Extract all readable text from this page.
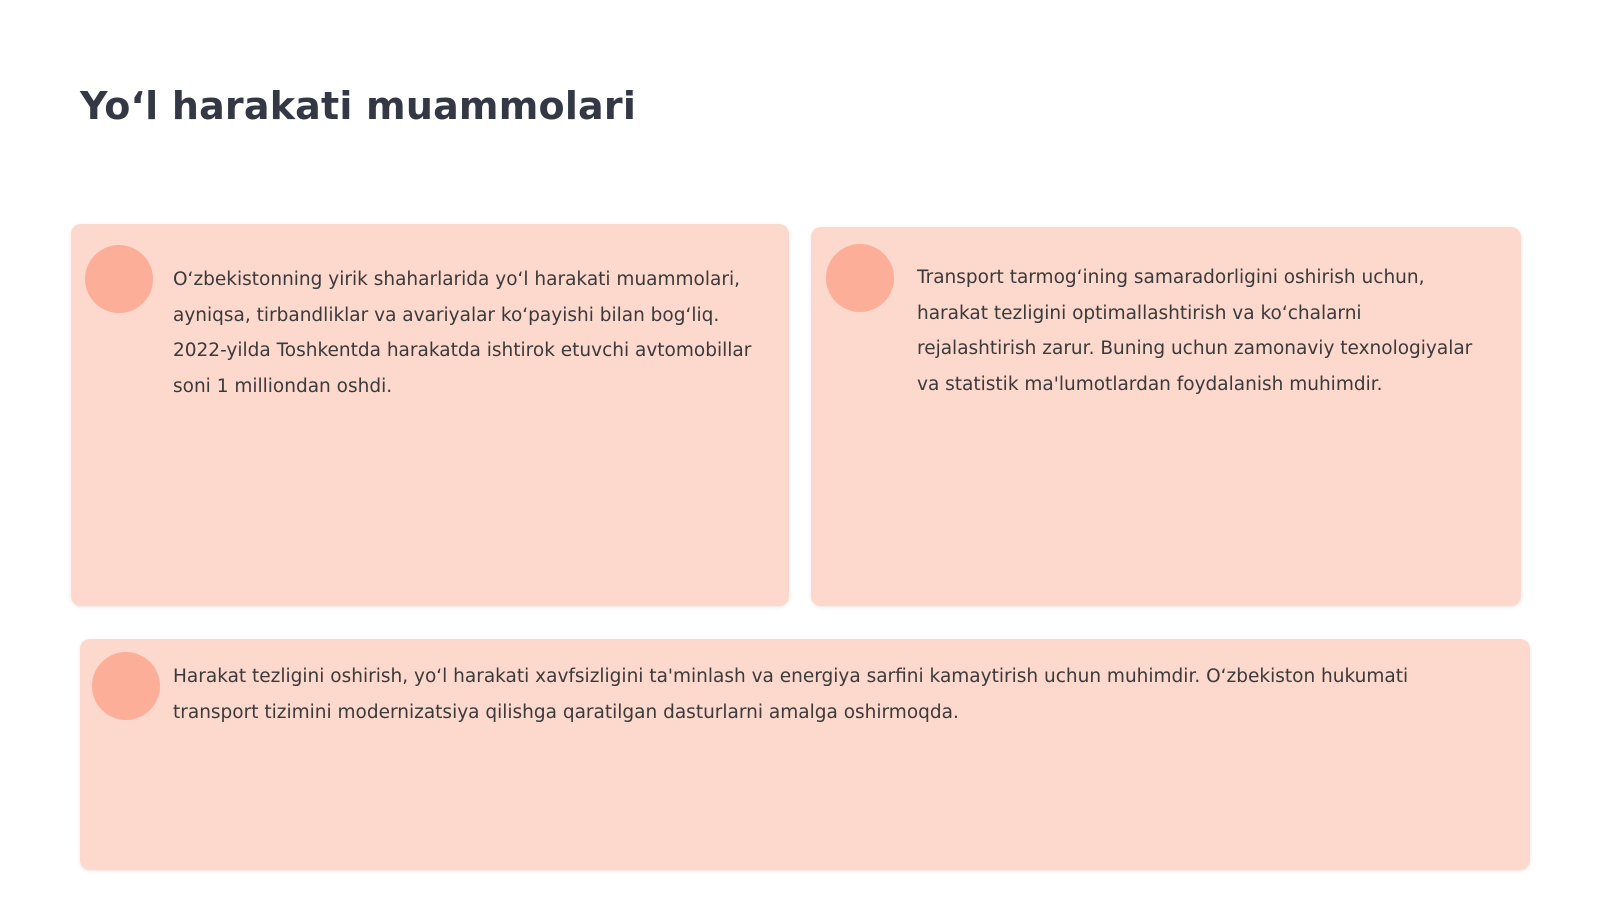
Yo‘l harakati muammolari

O‘zbekistonning yirik shaharlarida yo‘l harakati muammolari, ayniqsa, tirbandliklar va avariyalar ko‘payishi bilan bog‘liq. 2022-yilda Toshkentda harakatda ishtirok etuvchi avtomobillar soni 1 milliondan oshdi.

Transport tarmog‘ining samaradorligini oshirish uchun, harakat tezligini optimallashtirish va ko‘chalarni rejalashtirish zarur. Buning uchun zamonaviy texnologiyalar va statistik ma'lumotlardan foydalanish muhimdir.

Harakat tezligini oshirish, yo‘l harakati xavfsizligini ta'minlash va energiya sarfini kamaytirish uchun muhimdir. O‘zbekiston hukumati transport tizimini modernizatsiya qilishga qaratilgan dasturlarni amalga oshirmoqda.
